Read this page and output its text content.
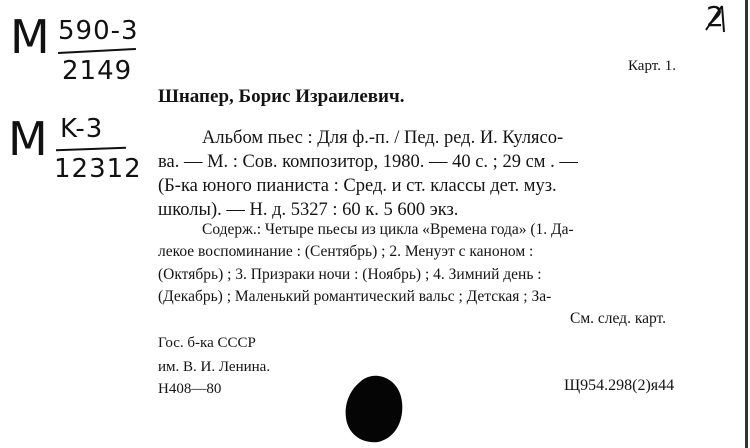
M 590-3
2149
M K-3
12312
2
Карт. 1.
Шнапер, Борис Израилевич.
Альбом пьес : Для ф.-п. / Пед. ред. И. Кулясо-
ва. — М. : Сов. композитор, 1980. — 40 с. ; 29 см . —
(Б-ка юного пианиста : Сред. и ст. классы дет. муз.
школы). — Н. д. 5327 : 60 к. 5 600 экз.
Содерж.: Четыре пьесы из цикла «Времена года» (1. Да-
лекое воспоминание : (Сентябрь) ; 2. Менуэт с каноном :
(Октябрь) ; 3. Призраки ночи : (Ноябрь) ; 4. Зимний день :
(Декабрь) ; Маленький романтический вальс ; Детская ; За-
См. след. карт.
Гос. б-ка СССР
им. В. И. Ленина.
Н408—80	Щ954.298(2)я44
